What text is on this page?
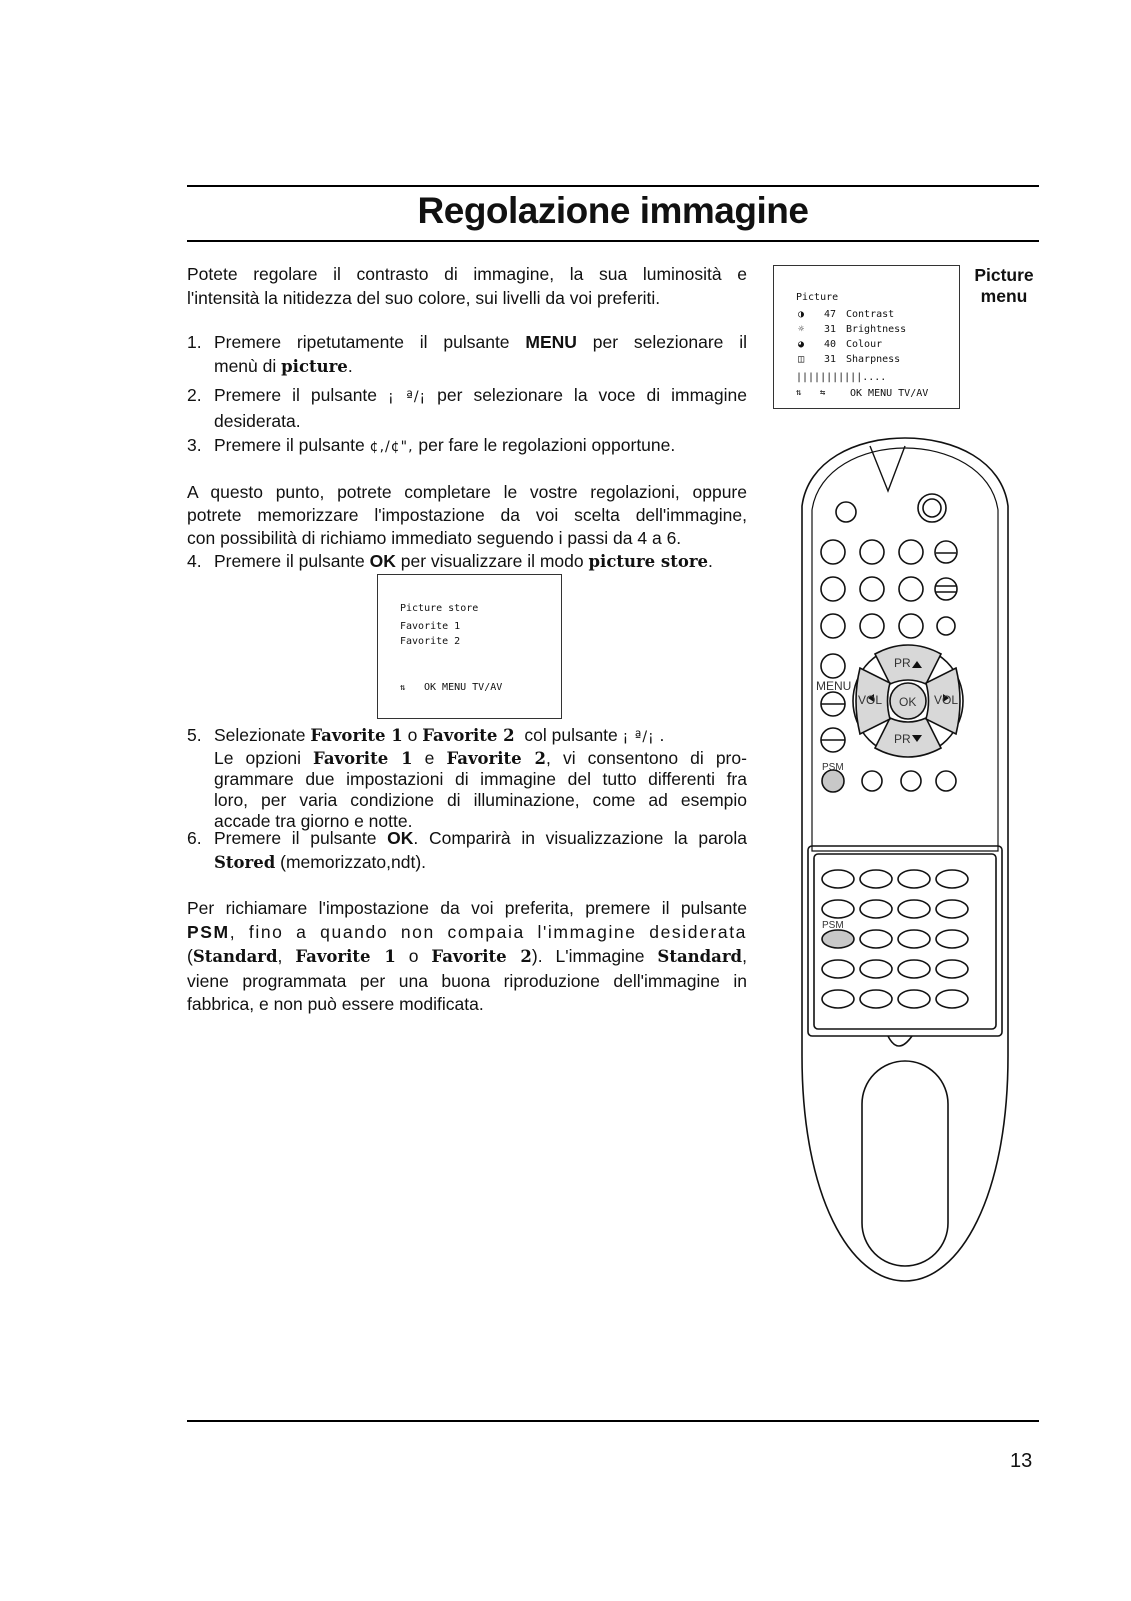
Regolazione immagine
Potete regolare il contrasto di immagine, la sua luminosità e
l'intensità la nitidezza del suo colore, sui livelli da voi preferiti.
1. Premere ripetutamente il pulsante MENU per selezionare il
menù di picture.
2. Premere il pulsante ¡ ª/¡ per selezionare la voce di immagine
desiderata.
3. Premere il pulsante ¢,/¢", per fare le regolazioni opportune.
A questo punto, potrete completare le vostre regolazioni, oppure
potrete memorizzare l'impostazione da voi scelta dell'immagine,
con possibilità di richiamo immediato seguendo i passi da 4 a 6.
4. Premere il pulsante OK per visualizzare il modo picture store.
Picture store
Favorite 1
Favorite 2
⇅ OK MENU TV/AV
5. Selezionate Favorite 1 o Favorite 2 col pulsante ¡ ª/¡ .
Le opzioni Favorite 1 e Favorite 2, vi consentono di pro-
grammare due impostazioni di immagine del tutto differenti fra
loro, per varia condizione di illuminazione, come ad esempio
accade tra giorno e notte.
6. Premere il pulsante OK. Comparirà in visualizzazione la parola
Stored (memorizzato,ndt).
Per richiamare l'impostazione da voi preferita, premere il pulsante
PSM, fino a quando non compaia l'immagine desiderata
(Standard, Favorite 1 o Favorite 2). L'immagine Standard,
viene programmata per una buona riproduzione dell'immagine in
fabbrica, e non può essere modificata.
Picture
◑ 47 Contrast
☼ 31 Brightness
◕ 40 Colour
◫ 31 Sharpness
|||||||||||....
⇅ ⇆ OK MENU TV/AV
Picture
menu
PR
PR
MENU
VOL	VOL
OK
PSM
PSM
13
